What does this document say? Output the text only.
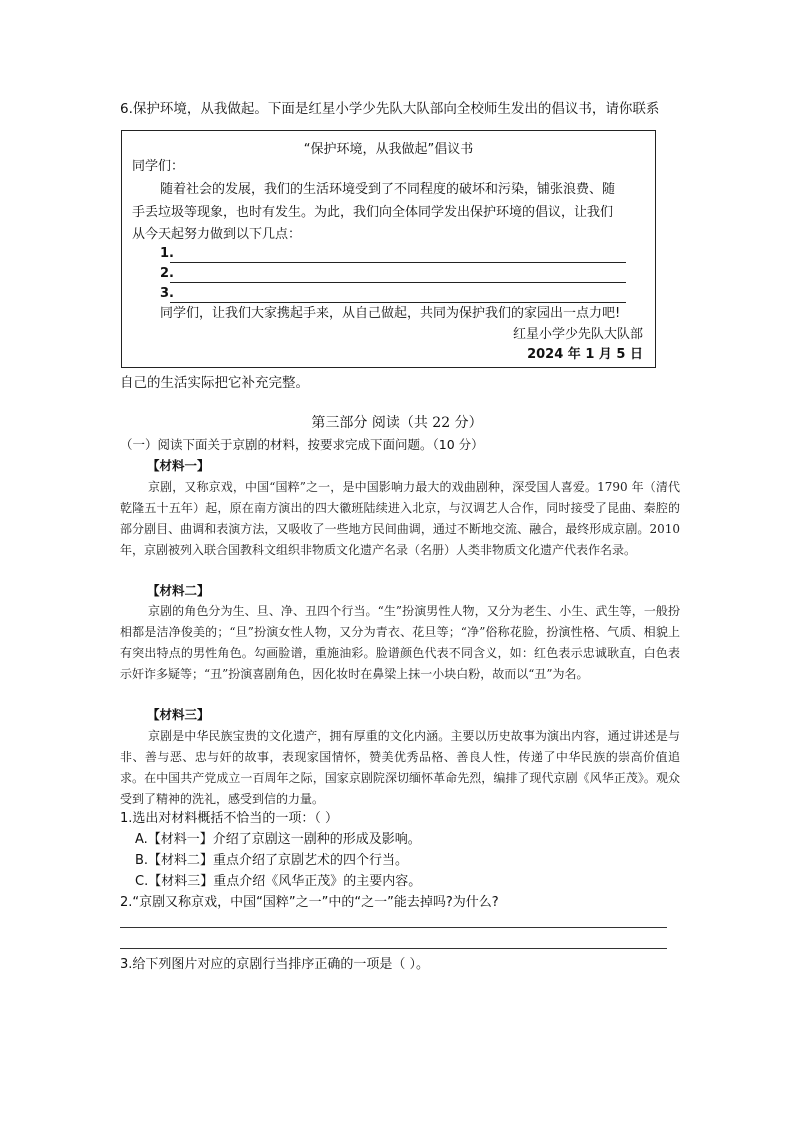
6.保护环境，从我做起。下面是红星小学少先队大队部向全校师生发出的倡议书，请你联系
“保护环境，从我做起”倡议书
同学们：
随着社会的发展，我们的生活环境受到了不同程度的破坏和污染，铺张浪费、随
手丢垃圾等现象，也时有发生。为此，我们向全体同学发出保护环境的倡议，让我们
从今天起努力做到以下几点：
1.
2.
3.
同学们，让我们大家携起手来，从自己做起，共同为保护我们的家园出一点力吧!
红星小学少先队大队部
2024 年 1 月 5 日
自己的生活实际把它补充完整。
第三部分 阅读（共 22 分）
（一）阅读下面关于京剧的材料，按要求完成下面问题。（10 分）
【材料一】
京剧，又称京戏，中国“国粹”之一，是中国影响力最大的戏曲剧种，深受国人喜爱。1790 年（清代乾隆五十五年）起，原在南方演出的四大徽班陆续进入北京，与汉调艺人合作，同时接受了昆曲、秦腔的部分剧目、曲调和表演方法，又吸收了一些地方民间曲调，通过不断地交流、融合，最终形成京剧。2010 年，京剧被列入联合国教科文组织非物质文化遗产名录（名册）人类非物质文化遗产代表作名录。
【材料二】
京剧的角色分为生、旦、净、丑四个行当。“生”扮演男性人物，又分为老生、小生、武生等，一般扮相都是洁净俊美的；“旦”扮演女性人物，又分为青衣、花旦等；“净”俗称花脸，扮演性格、气质、相貌上有突出特点的男性角色。勾画脸谱，重施油彩。脸谱颜色代表不同含义，如：红色表示忠诚耿直，白色表示奸诈多疑等；“丑”扮演喜剧角色，因化妆时在鼻梁上抹一小块白粉，故而以“丑”为名。
【材料三】
京剧是中华民族宝贵的文化遗产，拥有厚重的文化内涵。主要以历史故事为演出内容，通过讲述是与非、善与恶、忠与奸的故事，表现家国情怀，赞美优秀品格、善良人性，传递了中华民族的崇高价值追求。在中国共产党成立一百周年之际，国家京剧院深切缅怀革命先烈，编排了现代京剧《风华正茂》。观众受到了精神的洗礼，感受到信的力量。
1.选出对材料概括不恰当的一项：（ ）
A.【材料一】介绍了京剧这一剧种的形成及影响。
B.【材料二】重点介绍了京剧艺术的四个行当。
C.【材料三】重点介绍《风华正茂》的主要内容。
2.“京剧又称京戏，中国“国粹”之一”中的“之一”能去掉吗?为什么?
3.给下列图片对应的京剧行当排序正确的一项是（ ）。
